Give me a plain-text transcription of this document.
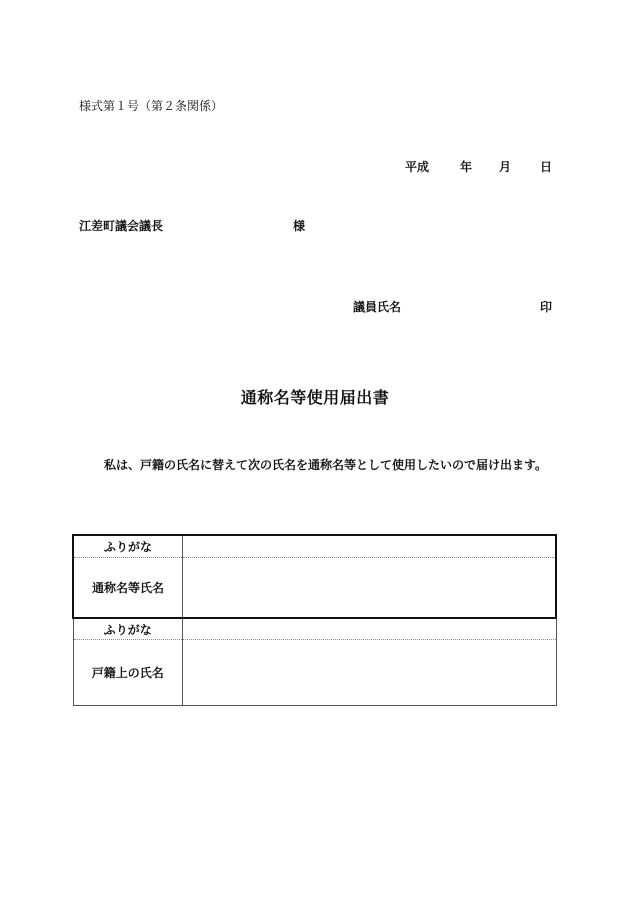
様式第１号（第２条関係）
平成	年 月 日
江差町議会議長	様
議員氏名	印
通称名等使用届出書
私は、戸籍の氏名に替えて次の氏名を通称名等として使用したいので届け出ます。
ふりがな	
通称名等氏名	
ふりがな	
戸籍上の氏名	
